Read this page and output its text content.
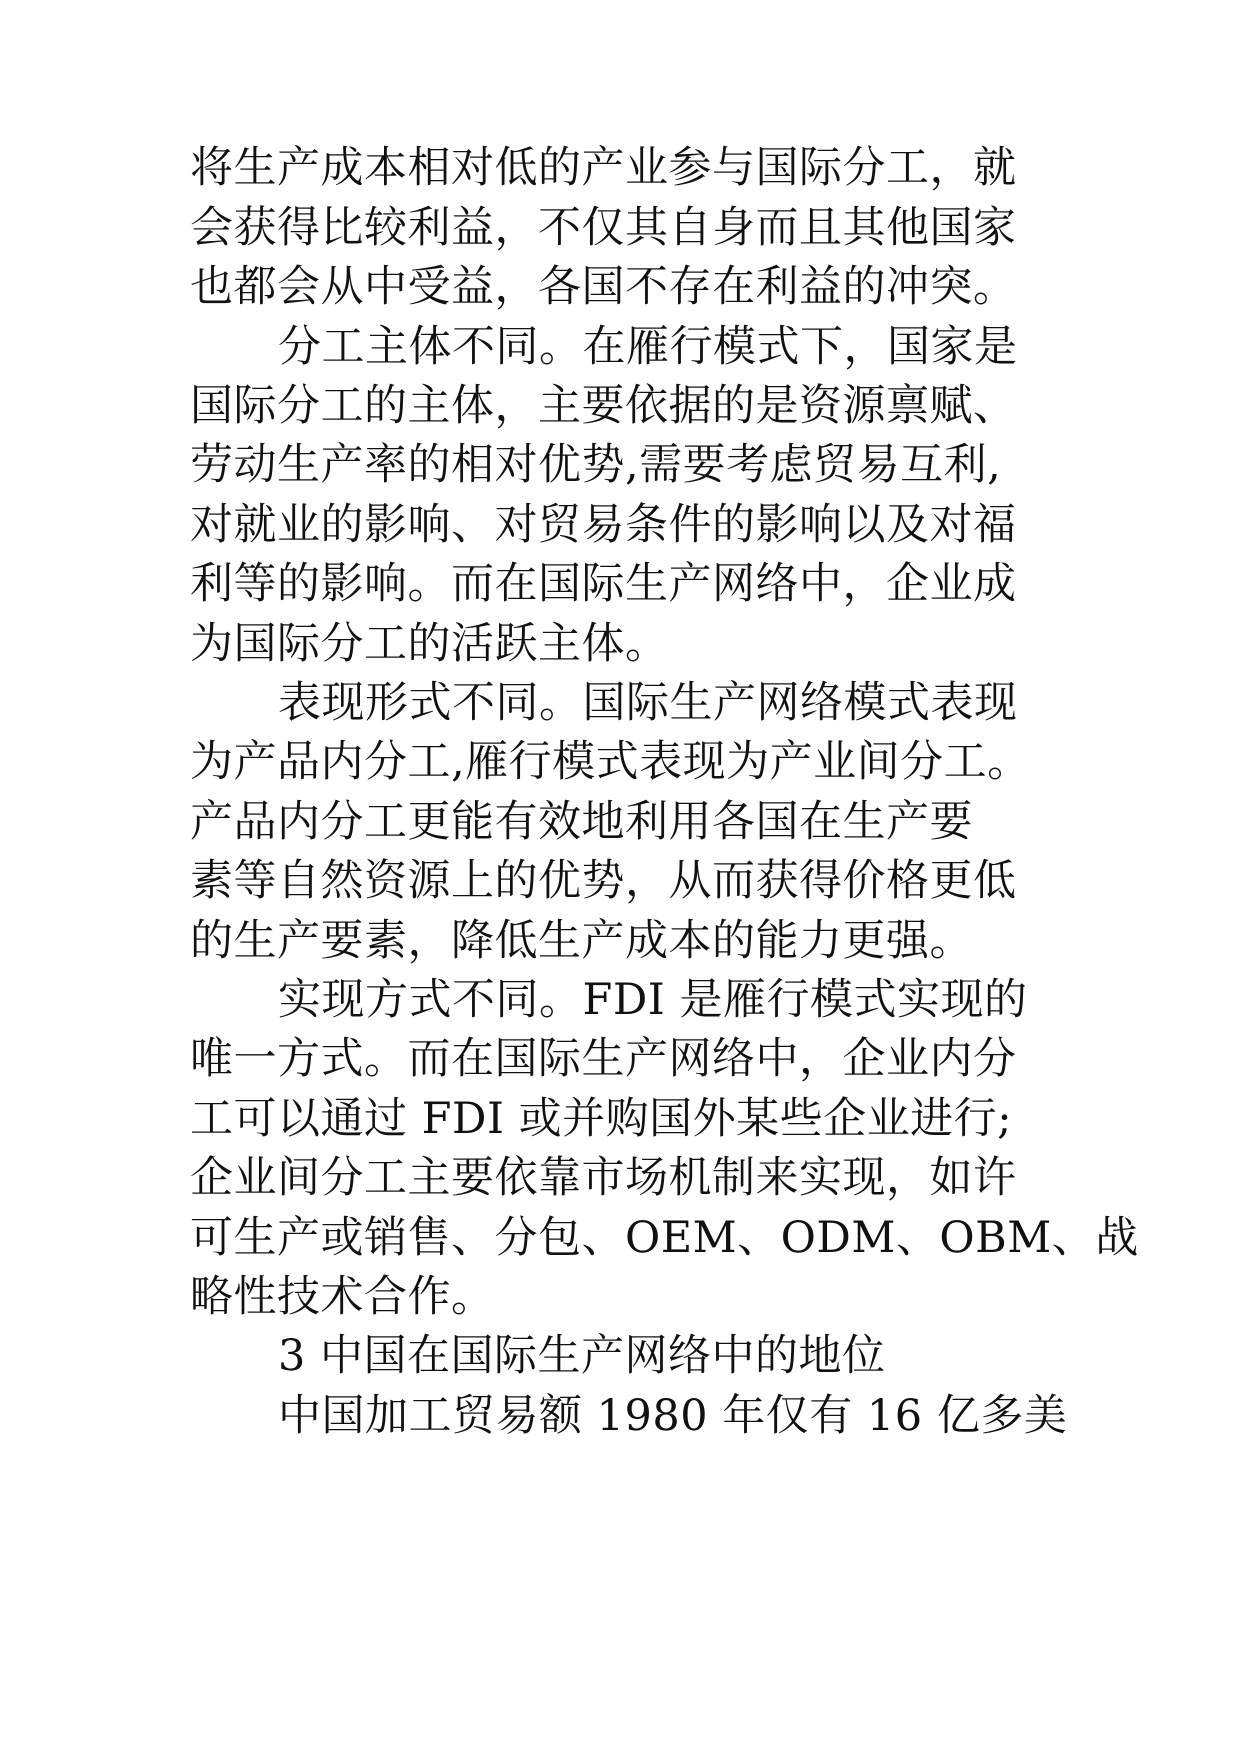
将生产成本相对低的产业参与国际分工，就
会获得比较利益，不仅其自身而且其他国家
也都会从中受益，各国不存在利益的冲突。
分工主体不同。在雁行模式下，国家是
国际分工的主体，主要依据的是资源禀赋、
劳动生产率的相对优势,需要考虑贸易互利,
对就业的影响、对贸易条件的影响以及对福
利等的影响。而在国际生产网络中，企业成
为国际分工的活跃主体。
表现形式不同。国际生产网络模式表现
为产品内分工,雁行模式表现为产业间分工。
产品内分工更能有效地利用各国在生产要
素等自然资源上的优势，从而获得价格更低
的生产要素，降低生产成本的能力更强。
实现方式不同。FDI 是雁行模式实现的
唯一方式。而在国际生产网络中，企业内分
工可以通过 FDI 或并购国外某些企业进行;
企业间分工主要依靠市场机制来实现，如许
可生产或销售、分包、OEM、ODM、OBM、战
略性技术合作。
3 中国在国际生产网络中的地位
中国加工贸易额 1980 年仅有 16 亿多美
